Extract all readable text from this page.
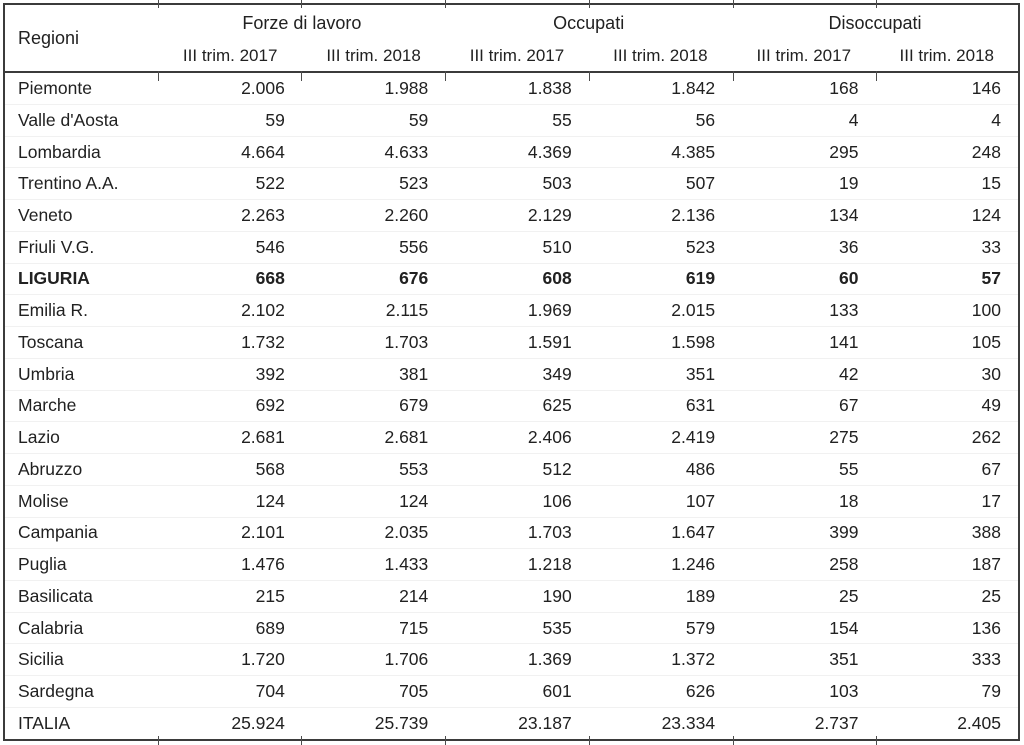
Regioni	Forze di lavoro		Occupati		Disoccupati	
	III trim. 2017	III trim. 2018	III trim. 2017	III trim. 2018	III trim. 2017	III trim. 2018
Piemonte	2.006	1.988	1.838	1.842	168	146
Valle d'Aosta	59	59	55	56	4	4
Lombardia	4.664	4.633	4.369	4.385	295	248
Trentino A.A.	522	523	503	507	19	15
Veneto	2.263	2.260	2.129	2.136	134	124
Friuli V.G.	546	556	510	523	36	33
LIGURIA	668	676	608	619	60	57
Emilia R.	2.102	2.115	1.969	2.015	133	100
Toscana	1.732	1.703	1.591	1.598	141	105
Umbria	392	381	349	351	42	30
Marche	692	679	625	631	67	49
Lazio	2.681	2.681	2.406	2.419	275	262
Abruzzo	568	553	512	486	55	67
Molise	124	124	106	107	18	17
Campania	2.101	2.035	1.703	1.647	399	388
Puglia	1.476	1.433	1.218	1.246	258	187
Basilicata	215	214	190	189	25	25
Calabria	689	715	535	579	154	136
Sicilia	1.720	1.706	1.369	1.372	351	333
Sardegna	704	705	601	626	103	79
ITALIA	25.924	25.739	23.187	23.334	2.737	2.405
